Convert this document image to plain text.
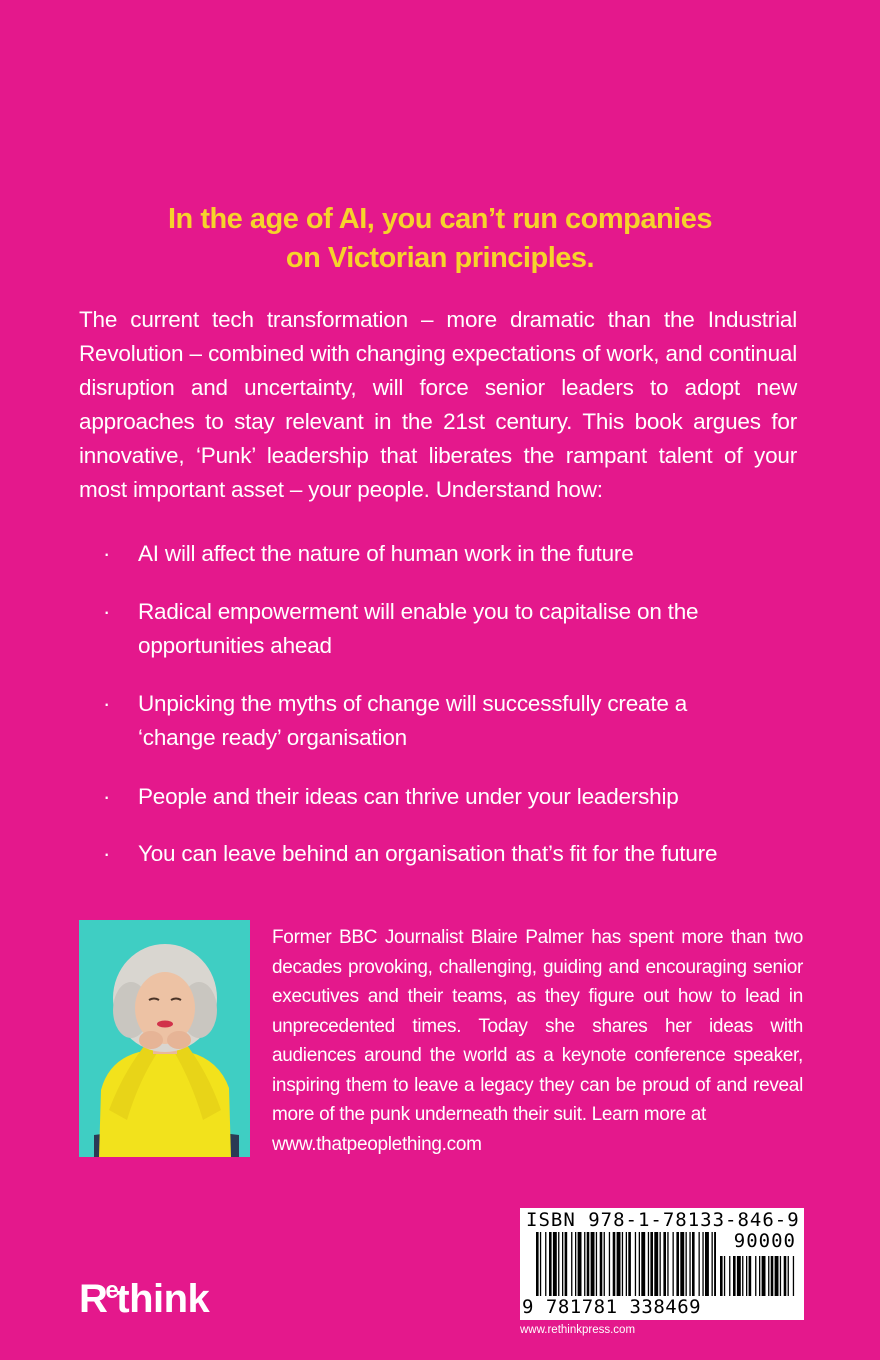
In the age of AI, you can’t run companies
on Victorian principles.
The current tech transformation – more dramatic than the Industrial Revolution – combined with changing expectations of work, and continual disruption and uncertainty, will force senior leaders to adopt new approaches to stay relevant in the 21st century. This book argues for innovative, ‘Punk’ leadership that liberates the rampant talent of your most important asset – your people. Understand how:
· AI will affect the nature of human work in the future
· Radical empowerment will enable you to capitalise on the opportunities ahead
· Unpicking the myths of change will successfully create a ‘change ready’ organisation
· People and their ideas can thrive under your leadership
· You can leave behind an organisation that’s fit for the future
Former BBC Journalist Blaire Palmer has spent more than two decades provoking, challenging, guiding and encouraging senior executives and their teams, as they figure out how to lead in unprecedented times. Today she shares her ideas with audiences around the world as a keynote conference speaker, inspiring them to leave a legacy they can be proud of and reveal more of the punk underneath their suit. Learn more at
www.thatpeoplething.com
$R^ethink$
ISBN 978-1-78133-846-9
90000
9 781781 338469
www.rethinkpress.com
